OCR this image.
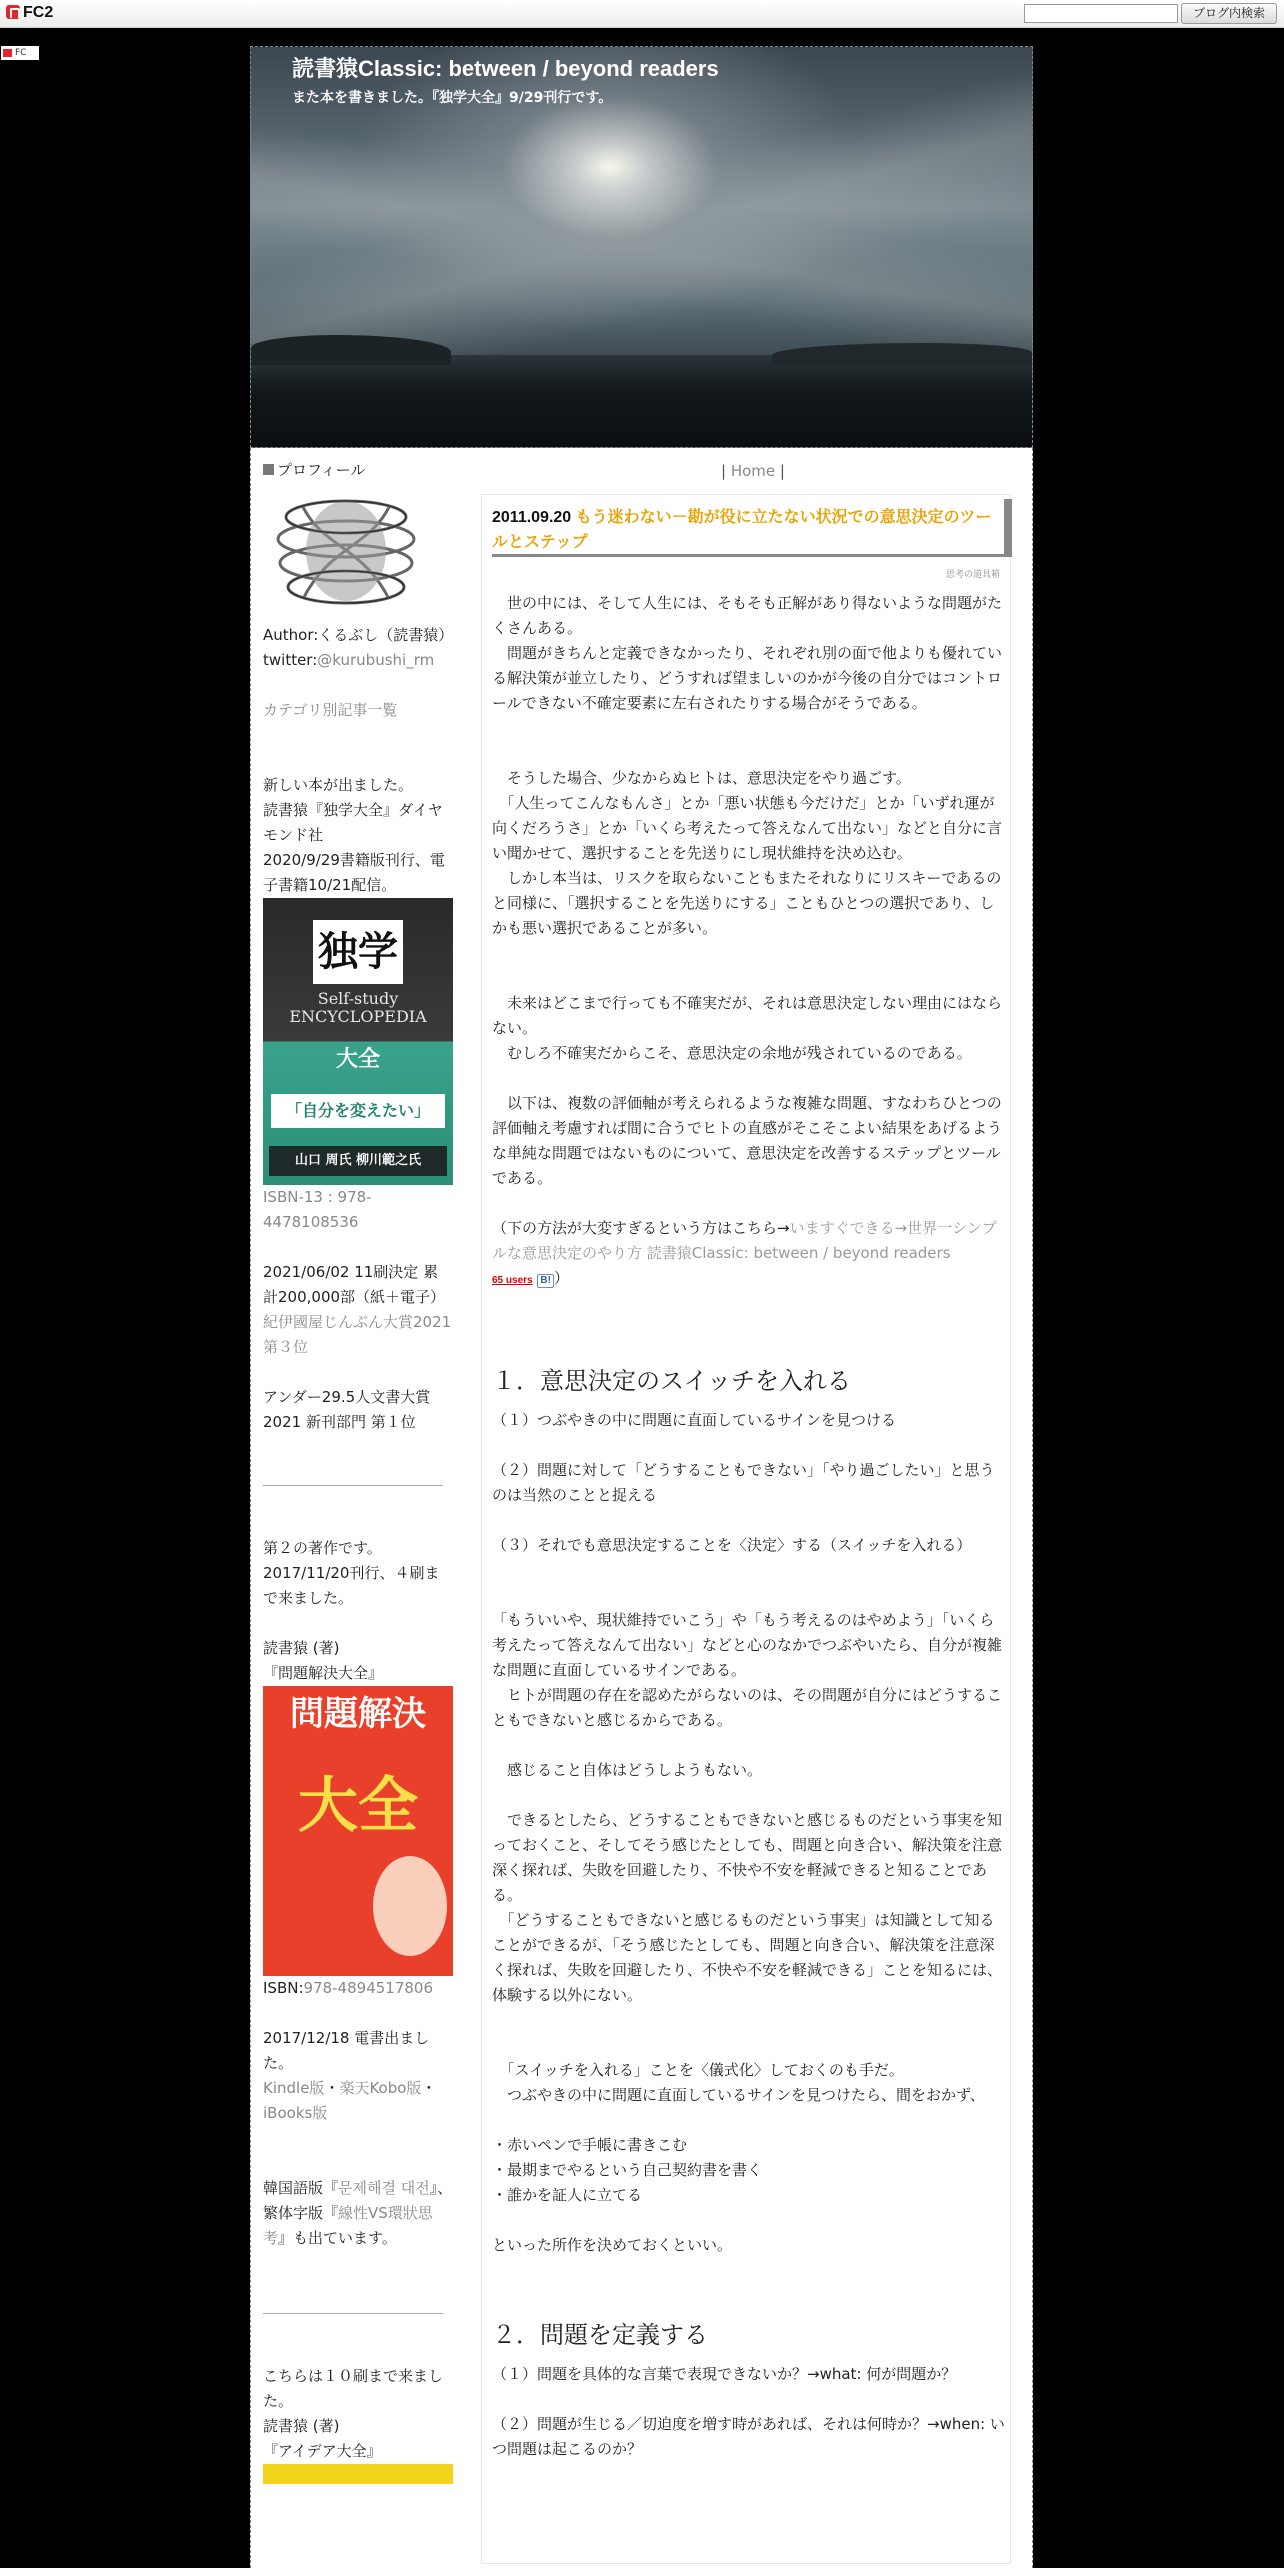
FC2	ブログ内検索
FC
読書猿Classic: between / beyond readers
また本を書きました。『独学大全』9/29刊行です。
プロフィール
Author:くるぶし（読書猿）
twitter:@kurubushi_rm
カテゴリ別記事一覧
新しい本が出ました。
読書猿『独学大全』ダイヤモンド社
2020/9/29書籍版刊行、電子書籍10/21配信。
独学
Self-study ENCYCLOPEDIA
大全
「自分を変えたい」
山口 周氏 柳川範之氏
ISBN-13 : 978-4478108536
2021/06/02 11刷決定 累計200,000部（紙＋電子）
紀伊國屋じんぶん大賞2021　第３位
アンダー29.5人文書大賞2021 新刊部門 第１位
第２の著作です。
2017/11/20刊行、４刷まで来ました。
読書猿 (著)
『問題解決大全』
問題解決
大全
ISBN:978-4894517806
2017/12/18 電書出ました。
Kindle版・楽天Kobo版・iBooks版
韓国語版『문제해결 대전』、繁体字版『線性VS環狀思考』も出ています。
こちらは１０刷まで来ました。
読書猿 (著)
『アイデア大全』
| Home |
2011.09.20 もう迷わない－勘が役に立たない状況での意思決定のツールとステップ
思考の道具箱

　世の中には、そして人生には、そもそも正解があり得ないような問題がたくさんある。

　問題がきちんと定義できなかったり、それぞれ別の面で他よりも優れている解決策が並立したり、どうすれば望ましいのかが今後の自分ではコントロールできない不確定要素に左右されたりする場合がそうである。

　そうした場合、少なからぬヒトは、意思決定をやり過ごす。

　「人生ってこんなもんさ」とか「悪い状態も今だけだ」とか「いずれ運が向くだろうさ」とか「いくら考えたって答えなんて出ない」などと自分に言い聞かせて、選択することを先送りにし現状維持を決め込む。

　しかし本当は、リスクを取らないこともまたそれなりにリスキーであるのと同様に、「選択することを先送りにする」こともひとつの選択であり、しかも悪い選択であることが多い。

　未来はどこまで行っても不確実だが、それは意思決定しない理由にはならない。

　むしろ不確実だからこそ、意思決定の余地が残されているのである。

　以下は、複数の評価軸が考えられるような複雑な問題、すなわちひとつの評価軸え考慮すれば間に合うでヒトの直感がそこそこよい結果をあげるような単純な問題ではないものについて、意思決定を改善するステップとツールである。

（下の方法が大変すぎるという方はこちら→いますぐできる→世界一シンプルな意思決定のやり方 読書猿Classic: between / beyond readers

65 users B! ）

１．意思決定のスイッチを入れる

（１）つぶやきの中に問題に直面しているサインを見つける

（２）問題に対して「どうすることもできない」「やり過ごしたい」と思うのは当然のことと捉える

（３）それでも意思決定することを〈決定〉する（スイッチを入れる）

「もういいや、現状維持でいこう」や「もう考えるのはやめよう」「いくら考えたって答えなんて出ない」などと心のなかでつぶやいたら、自分が複雑な問題に直面しているサインである。

　ヒトが問題の存在を認めたがらないのは、その問題が自分にはどうすることもできないと感じるからである。

　感じること自体はどうしようもない。

　できるとしたら、どうすることもできないと感じるものだという事実を知っておくこと、そしてそう感じたとしても、問題と向き合い、解決策を注意深く探れば、失敗を回避したり、不快や不安を軽減できると知ることである。

　「どうすることもできないと感じるものだという事実」は知識として知ることができるが、「そう感じたとしても、問題と向き合い、解決策を注意深く探れば、失敗を回避したり、不快や不安を軽減できる」ことを知るには、体験する以外にない。

　「スイッチを入れる」ことを〈儀式化〉しておくのも手だ。

　つぶやきの中に問題に直面しているサインを見つけたら、間をおかず、

・赤いペンで手帳に書きこむ

・最期までやるという自己契約書を書く

・誰かを証人に立てる

といった所作を決めておくといい。

２．問題を定義する

（１）問題を具体的な言葉で表現できないか？→what: 何が問題か？

（２）問題が生じる／切迫度を増す時があれば、それは何時か？→when: いつ問題は起こるのか？
